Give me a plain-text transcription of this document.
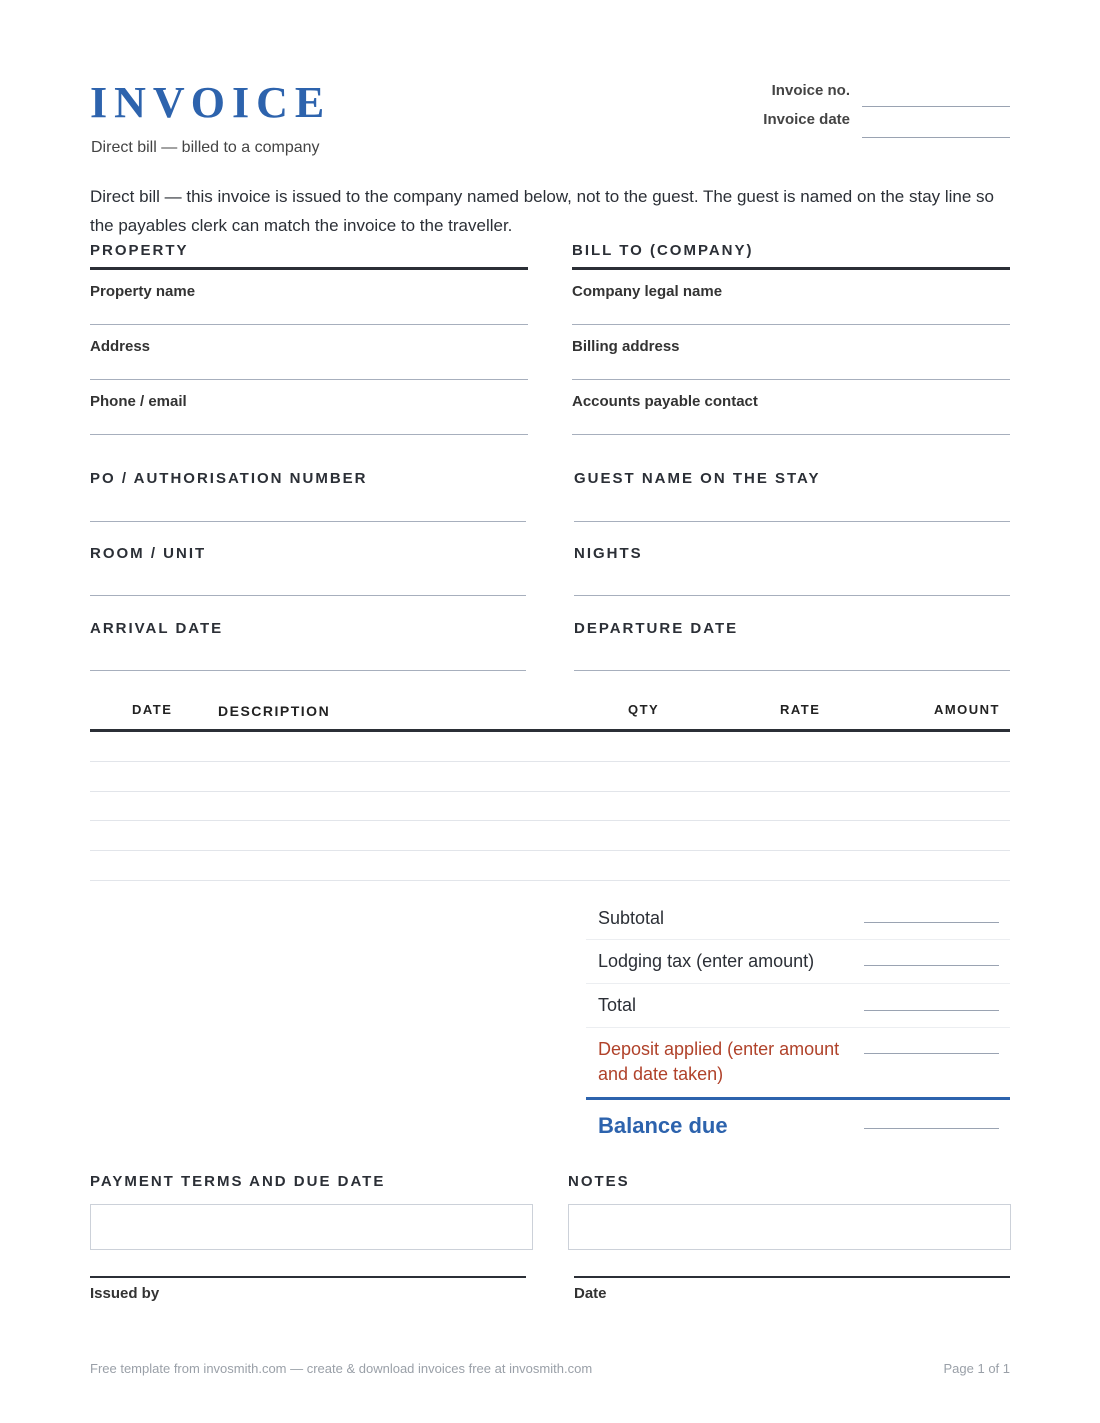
INVOICE
Direct bill — billed to a company
Invoice no.
Invoice date
Direct bill — this invoice is issued to the company named below, not to the guest. The guest is named on the stay line so the payables clerk can match the invoice to the traveller.
PROPERTY
Property name
Address
Phone / email
BILL TO (COMPANY)
Company legal name
Billing address
Accounts payable contact
PO / AUTHORISATION NUMBER	GUEST NAME ON THE STAY
ROOM / UNIT	NIGHTS
ARRIVAL DATE	DEPARTURE DATE
DATE	DESCRIPTION	QTY	RATE	AMOUNT
Subtotal
Lodging tax (enter amount)
Total
Deposit applied (enter amount and date taken)
Balance due
PAYMENT TERMS AND DUE DATE	NOTES
Issued by	Date
Free template from invosmith.com — create & download invoices free at invosmith.com	Page 1 of 1
